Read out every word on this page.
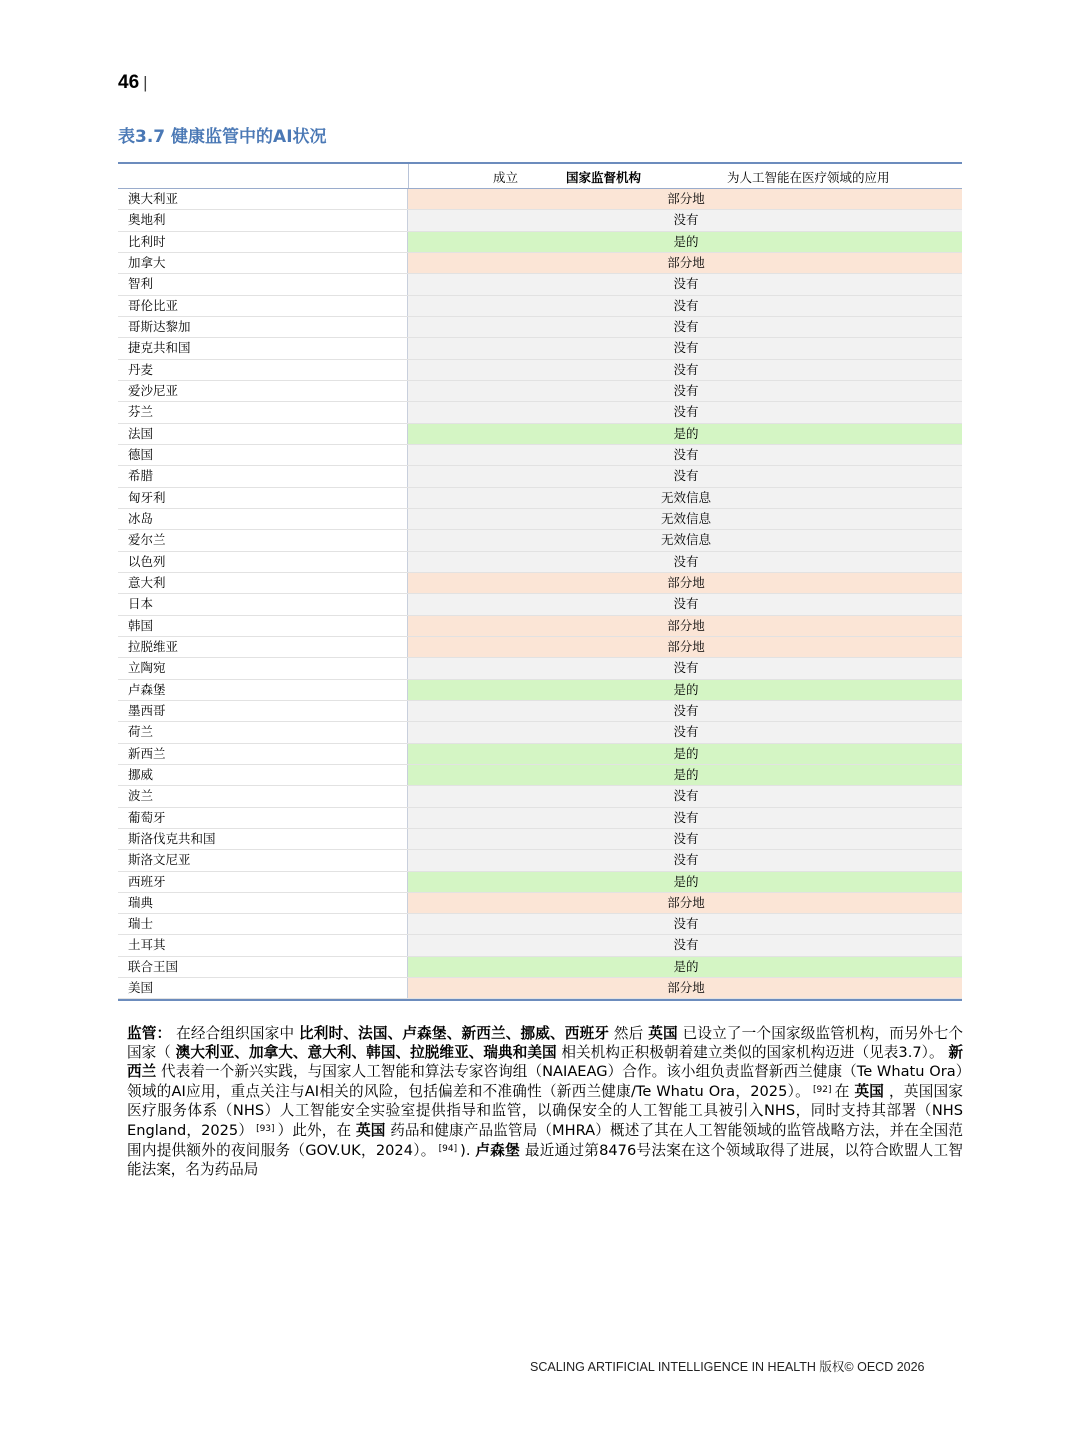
46 |
表3.7 健康监管中的AI状况
成立	国家监督机构	为人工智能在医疗领域的应用
澳大利亚	部分地
奥地利	没有
比利时	是的
加拿大	部分地
智利	没有
哥伦比亚	没有
哥斯达黎加	没有
捷克共和国	没有
丹麦	没有
爱沙尼亚	没有
芬兰	没有
法国	是的
德国	没有
希腊	没有
匈牙利	无效信息
冰岛	无效信息
爱尔兰	无效信息
以色列	没有
意大利	部分地
日本	没有
韩国	部分地
拉脱维亚	部分地
立陶宛	没有
卢森堡	是的
墨西哥	没有
荷兰	没有
新西兰	是的
挪威	是的
波兰	没有
葡萄牙	没有
斯洛伐克共和国	没有
斯洛文尼亚	没有
西班牙	是的
瑞典	部分地
瑞士	没有
土耳其	没有
联合王国	是的
美国	部分地
监管： 在经合组织国家中 比利时、法国、卢森堡、新西兰、挪威、西班牙 然后 英国 已设立了一个国家级监管机构，而另外七个国家（ 澳大利亚、加拿大、意大利、韩国、拉脱维亚、瑞典和美国 相关机构正积极朝着建立类似的国家机构迈进（见表3.7）。 新西兰 代表着一个新兴实践，与国家人工智能和算法专家咨询组（NAIAEAG）合作。该小组负责监督新西兰健康（Te Whatu Ora）领域的AI应用，重点关注与AI相关的风险，包括偏差和不准确性（新西兰健康/Te Whatu Ora，2025）。 [92] 在 英国 ，英国国家医疗服务体系（NHS）人工智能安全实验室提供指导和监管，以确保安全的人工智能工具被引入NHS，同时支持其部署（NHS England，2025） [93] ）此外，在 英国 药品和健康产品监管局（MHRA）概述了其在人工智能领域的监管战略方法，并在全国范围内提供额外的夜间服务（GOV.UK，2024）。 [94] ). 卢森堡 最近通过第8476号法案在这个领域取得了进展，以符合欧盟人工智能法案，名为药品局
SCALING ARTIFICIAL INTELLIGENCE IN HEALTH 版权© OECD 2026
